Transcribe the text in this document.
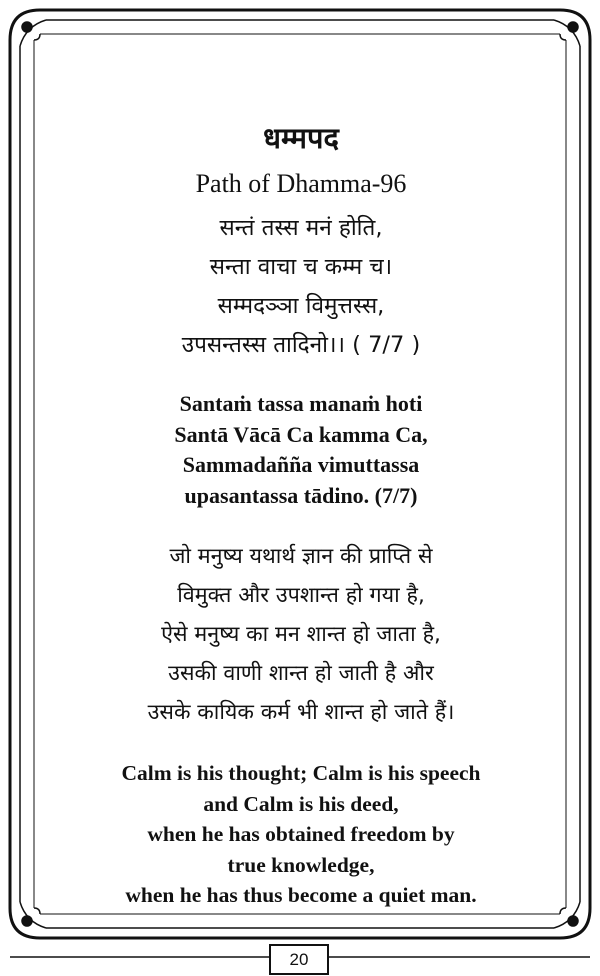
धम्मपद
Path of Dhamma-96
सन्तं तस्स मनं होति,
सन्ता वाचा च कम्म च।
सम्मदञ्ञा विमुत्तस्स,
उपसन्तस्स तादिनो।। ( 7/7 )
Santaṁ tassa manaṁ hoti
Santā Vācā Ca kamma Ca,
Sammadañña vimuttassa
upasantassa tādino. (7/7)
जो मनुष्य यथार्थ ज्ञान की प्राप्ति से
विमुक्त और उपशान्त हो गया है,
ऐसे मनुष्य का मन शान्त हो जाता है,
उसकी वाणी शान्त हो जाती है और
उसके कायिक कर्म भी शान्त हो जाते हैं।
Calm is his thought; Calm is his speech
and Calm is his deed,
when he has obtained freedom by
true knowledge,
when he has thus become a quiet man.
20
